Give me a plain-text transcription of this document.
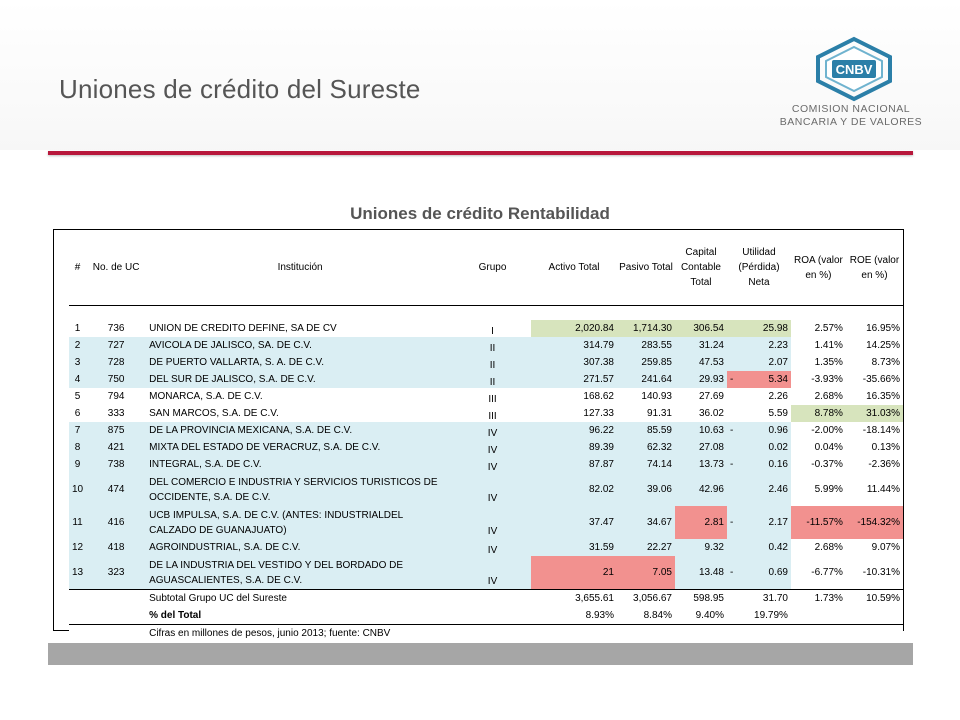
Uniones de crédito del Sureste
CNBV
COMISION NACIONAL
BANCARIA Y DE VALORES
Uniones de crédito Rentabilidad
#	No. de UC	Institución	Grupo	Activo Total	Pasivo Total	Capital Contable Total	Utilidad (Pérdida) Neta	ROA (valor en %)	ROE (valor en %)

1	736	UNION DE CREDITO DEFINE, SA DE CV	I	2,020.84	1,714.30	306.54	25.98	2.57%	16.95%
2	727	AVICOLA DE JALISCO, SA. DE C.V.	II	314.79	283.55	31.24	2.23	1.41%	14.25%
3	728	DE PUERTO VALLARTA, S. A. DE C.V.	II	307.38	259.85	47.53	2.07	1.35%	8.73%
4	750	DEL SUR DE JALISCO, S.A. DE C.V.	II	271.57	241.64	29.93	- 5.34	-3.93%	-35.66%
5	794	MONARCA, S.A. DE C.V.	III	168.62	140.93	27.69	2.26	2.68%	16.35%
6	333	SAN MARCOS, S.A. DE C.V.	III	127.33	91.31	36.02	5.59	8.78%	31.03%
7	875	DE LA PROVINCIA MEXICANA, S.A. DE C.V.	IV	96.22	85.59	10.63	- 0.96	-2.00%	-18.14%
8	421	MIXTA DEL ESTADO DE VERACRUZ, S.A. DE C.V.	IV	89.39	62.32	27.08	0.02	0.04%	0.13%
9	738	INTEGRAL, S.A. DE C.V.	IV	87.87	74.14	13.73	- 0.16	-0.37%	-2.36%
10	474	DEL COMERCIO E INDUSTRIA Y SERVICIOS TURISTICOS DE OCCIDENTE, S.A. DE C.V.	IV	82.02	39.06	42.96	2.46	5.99%	11.44%
11	416	UCB IMPULSA, S.A. DE C.V. (ANTES: INDUSTRIALDEL CALZADO DE GUANAJUATO)	IV	37.47	34.67	2.81	- 2.17	-11.57%	-154.32%
12	418	AGROINDUSTRIAL, S.A. DE C.V.	IV	31.59	22.27	9.32	0.42	2.68%	9.07%
13	323	DE LA INDUSTRIA DEL VESTIDO Y DEL BORDADO DE AGUASCALIENTES, S.A. DE C.V.	IV	21	7.05	13.48	- 0.69	-6.77%	-10.31%
		Subtotal Grupo UC del Sureste		3,655.61	3,056.67	598.95	31.70	1.73%	10.59%
		% del Total		8.93%	8.84%	9.40%	19.79%		
		Cifras en millones de pesos, junio 2013; fuente: CNBV							
